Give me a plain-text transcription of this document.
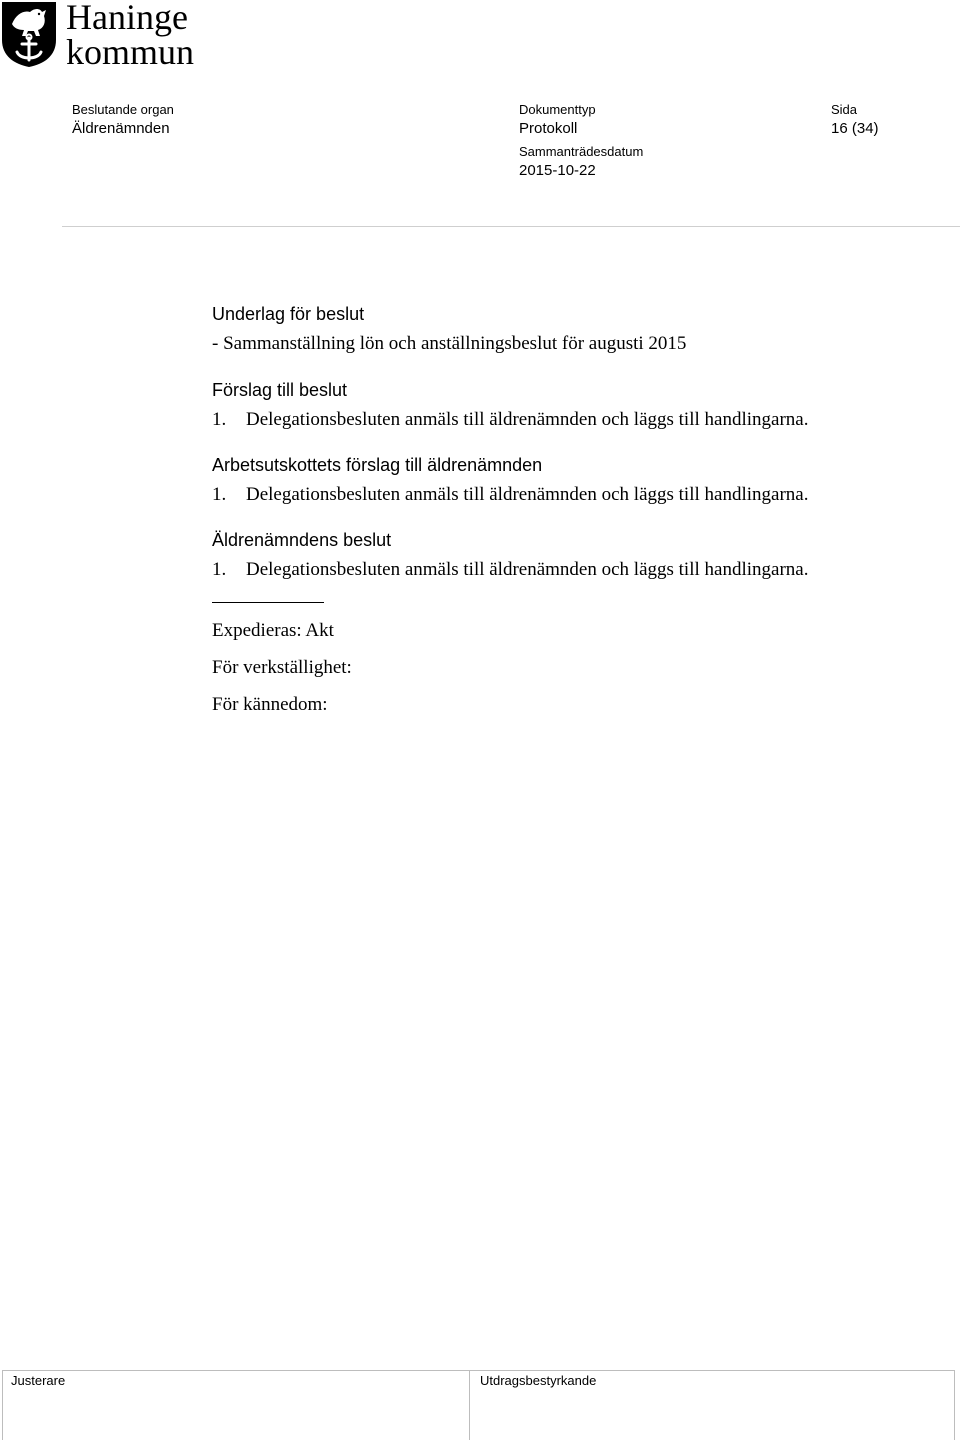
Haninge
kommun
Beslutande organ
Äldrenämnden
Dokumenttyp
Protokoll
Sammanträdesdatum
2015-10-22
Sida
16 (34)
Underlag för beslut
- Sammanställning lön och anställningsbeslut för augusti 2015
Förslag till beslut
1.	Delegationsbesluten anmäls till äldrenämnden och läggs till handlingarna.
Arbetsutskottets förslag till äldrenämnden
1.	Delegationsbesluten anmäls till äldrenämnden och läggs till handlingarna.
Äldrenämndens beslut
1.	Delegationsbesluten anmäls till äldrenämnden och läggs till handlingarna.
Expedieras: Akt
För verkställighet:
För kännedom:
Justerare	Utdragsbestyrkande
